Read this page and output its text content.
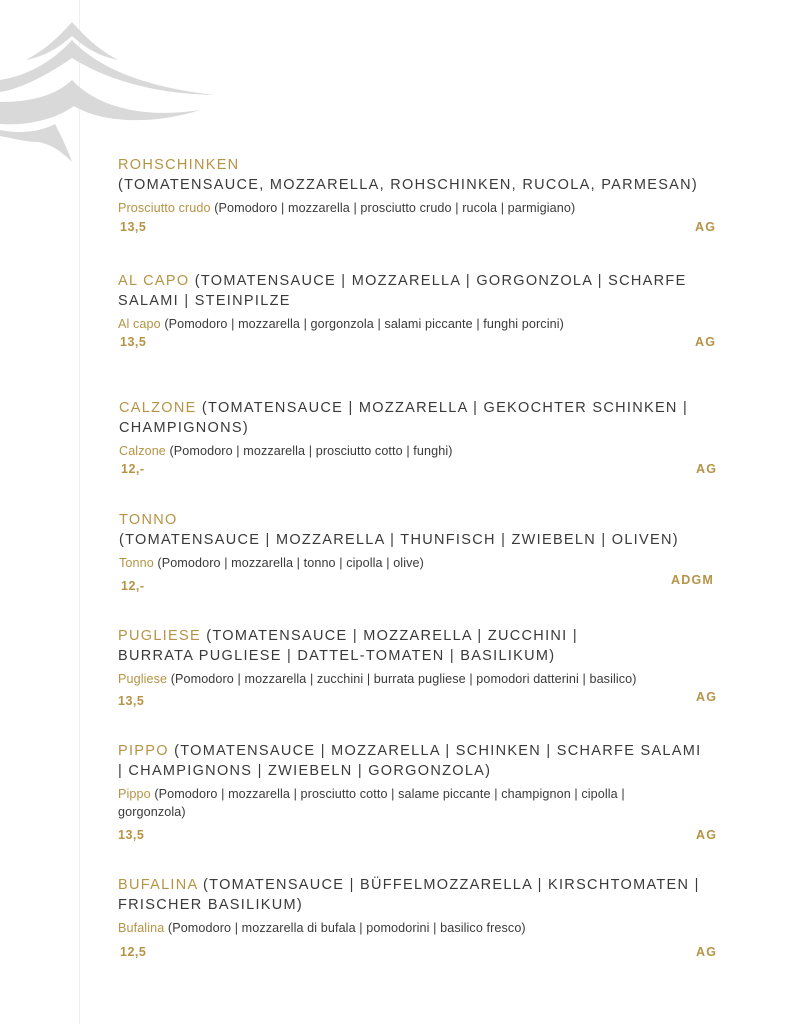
ROHSCHINKEN
(TOMATENSAUCE, MOZZARELLA, ROHSCHINKEN, RUCOLA, PARMESAN)

Prosciutto crudo (Pomodoro | mozzarella | prosciutto crudo | rucola | parmigiano)
13,5	AG

AL CAPO (TOMATENSAUCE | MOZZARELLA | GORGONZOLA | SCHARFE SALAMI | STEINPILZE

Al capo (Pomodoro | mozzarella | gorgonzola | salami piccante | funghi porcini)
13,5	AG

CALZONE (TOMATENSAUCE | MOZZARELLA | GEKOCHTER SCHINKEN | CHAMPIGNONS)

Calzone (Pomodoro | mozzarella | prosciutto cotto | funghi)
12,-	AG

TONNO
(TOMATENSAUCE | MOZZARELLA | THUNFISCH | ZWIEBELN | OLIVEN)

Tonno (Pomodoro | mozzarella | tonno | cipolla | olive)
ADGM
12,-

PUGLIESE (TOMATENSAUCE | MOZZARELLA | ZUCCHINI | BURRATA PUGLIESE | DATTEL-TOMATEN | BASILIKUM)

Pugliese (Pomodoro | mozzarella | zucchini | burrata pugliese | pomodori datterini | basilico)
AG
13,5

PIPPO (TOMATENSAUCE | MOZZARELLA | SCHINKEN | SCHARFE SALAMI | CHAMPIGNONS | ZWIEBELN | GORGONZOLA)

Pippo (Pomodoro | mozzarella | prosciutto cotto | salame piccante | champignon | cipolla | gorgonzola)
13,5	AG

BUFALINA (TOMATENSAUCE | BÜFFELMOZZARELLA | KIRSCHTOMATEN | FRISCHER BASILIKUM)

Bufalina (Pomodoro | mozzarella di bufala | pomodorini | basilico fresco)
12,5	AG
